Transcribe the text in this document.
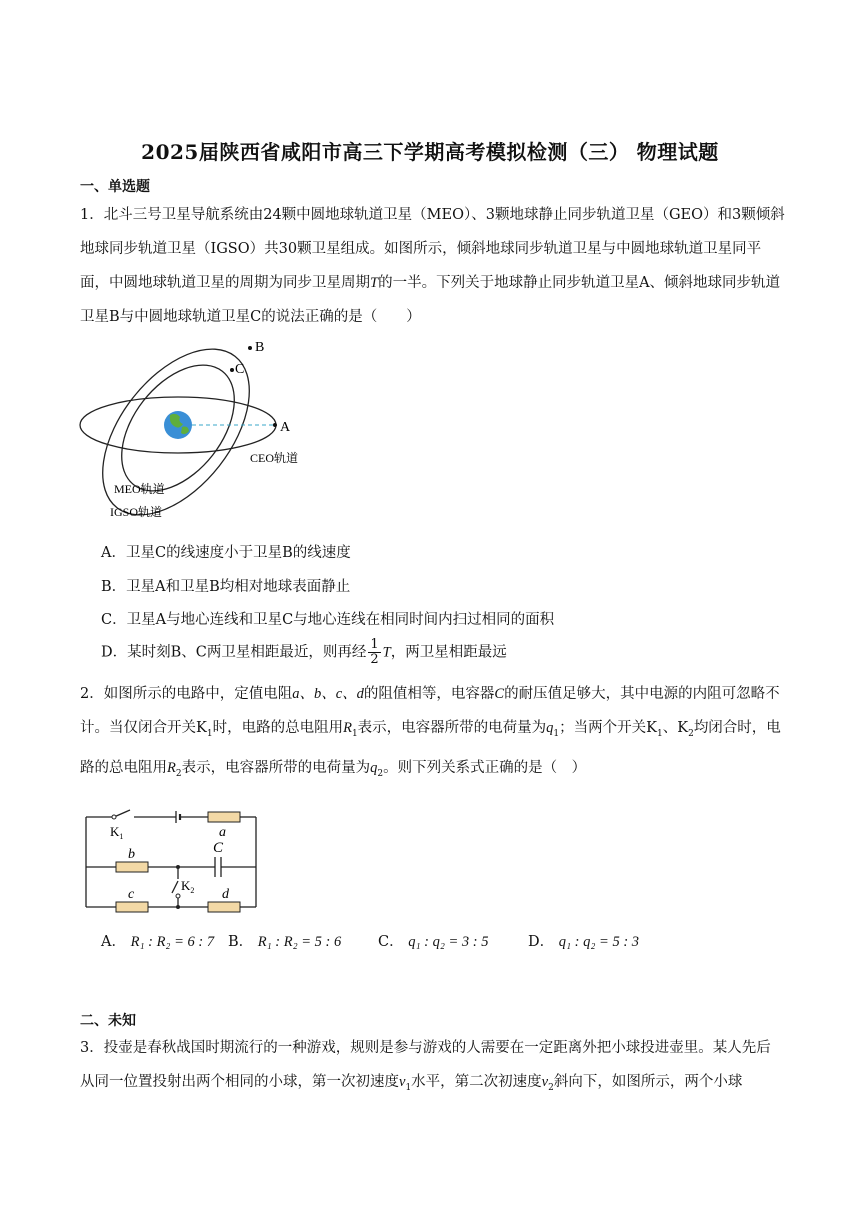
2025届陕西省咸阳市高三下学期高考模拟检测（三） 物理试题
一、单选题

1．北斗三号卫星导航系统由24颗中圆地球轨道卫星（MEO）、3颗地球静止同步轨道卫星（GEO）和3颗倾斜地球同步轨道卫星（IGSO）共30颗卫星组成。如图所示，倾斜地球同步轨道卫星与中圆地球轨道卫星同平面，中圆地球轨道卫星的周期为同步卫星周期T的一半。下列关于地球静止同步轨道卫星A、倾斜地球同步轨道卫星B与中圆地球轨道卫星C的说法正确的是（　　）

B
C
A
CEO轨道
MEO轨道
IGSO轨道
A．卫星C的线速度小于卫星B的线速度
B．卫星A和卫星B均相对地球表面静止
C．卫星A与地心连线和卫星C与地心连线在相同时间内扫过相同的面积
D．某时刻B、C两卫星相距最近，则再经 $\frac{1}{2}$ T，两卫星相距最远

2．如图所示的电路中，定值电阻a、b、c、d的阻值相等，电容器C的耐压值足够大，其中电源的内阻可忽略不计。当仅闭合开关$K_1$时，电路的总电阻用$R_1$表示，电容器所带的电荷量为$q_1$；当两个开关$K_1$、$K_2$均闭合时，电路的总电阻用$R_2$表示，电容器所带的电荷量为$q_2$。则下列关系式正确的是（　）

$K_1$	a
b	C
c	d
$K_2$
A． R₁ : R₂ = 6 : 7 B． R₁ : R₂ = 5 : 6	C． q₁ : q₂ = 3 : 5	D． q₁ : q₂ = 5 : 3
二、未知

3．投壶是春秋战国时期流行的一种游戏，规则是参与游戏的人需要在一定距离外把小球投进壶里。某人先后从同一位置投射出两个相同的小球，第一次初速度$v_1$水平，第二次初速度$v_2$斜向下，如图所示，两个小球
